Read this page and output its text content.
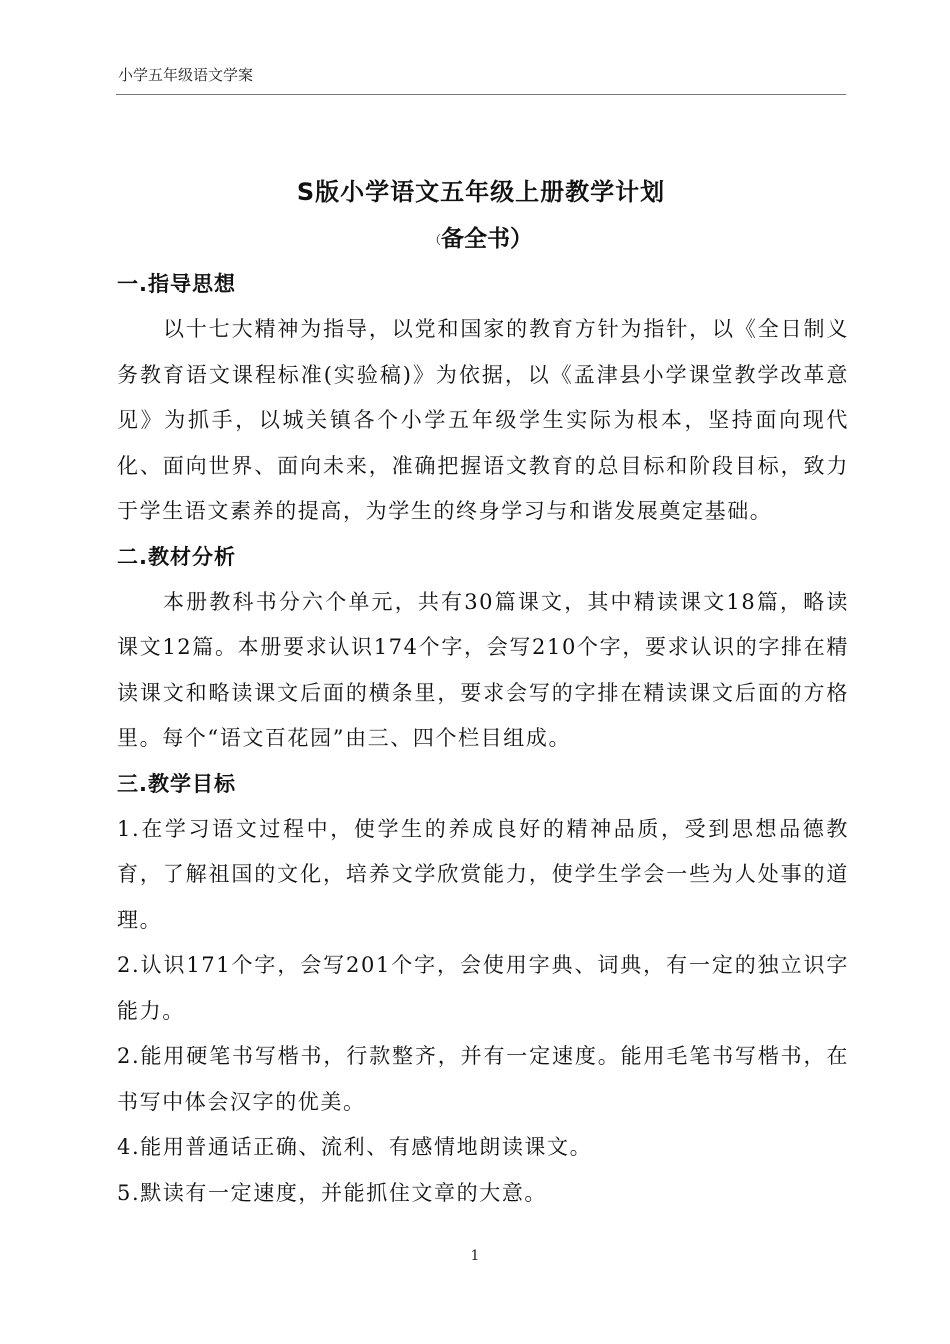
小学五年级语文学案
S版小学语文五年级上册教学计划
（备全书）
一.指导思想

以十七大精神为指导，以党和国家的教育方针为指针，以《全日制义务教育语文课程标准(实验稿)》为依据，以《孟津县小学课堂教学改革意见》为抓手，以城关镇各个小学五年级学生实际为根本，坚持面向现代化、面向世界、面向未来，准确把握语文教育的总目标和阶段目标，致力于学生语文素养的提高，为学生的终身学习与和谐发展奠定基础。

二.教材分析

本册教科书分六个单元，共有30篇课文，其中精读课文18篇，略读课文12篇。本册要求认识174个字，会写210个字，要求认识的字排在精读课文和略读课文后面的横条里，要求会写的字排在精读课文后面的方格里。每个“语文百花园”由三、四个栏目组成。

三.教学目标

1.在学习语文过程中，使学生的养成良好的精神品质，受到思想品德教育，了解祖国的文化，培养文学欣赏能力，使学生学会一些为人处事的道理。

2.认识171个字，会写201个字，会使用字典、词典，有一定的独立识字能力。

2.能用硬笔书写楷书，行款整齐，并有一定速度。能用毛笔书写楷书，在书写中体会汉字的优美。

4.能用普通话正确、流利、有感情地朗读课文。

5.默读有一定速度，并能抓住文章的大意。

1
